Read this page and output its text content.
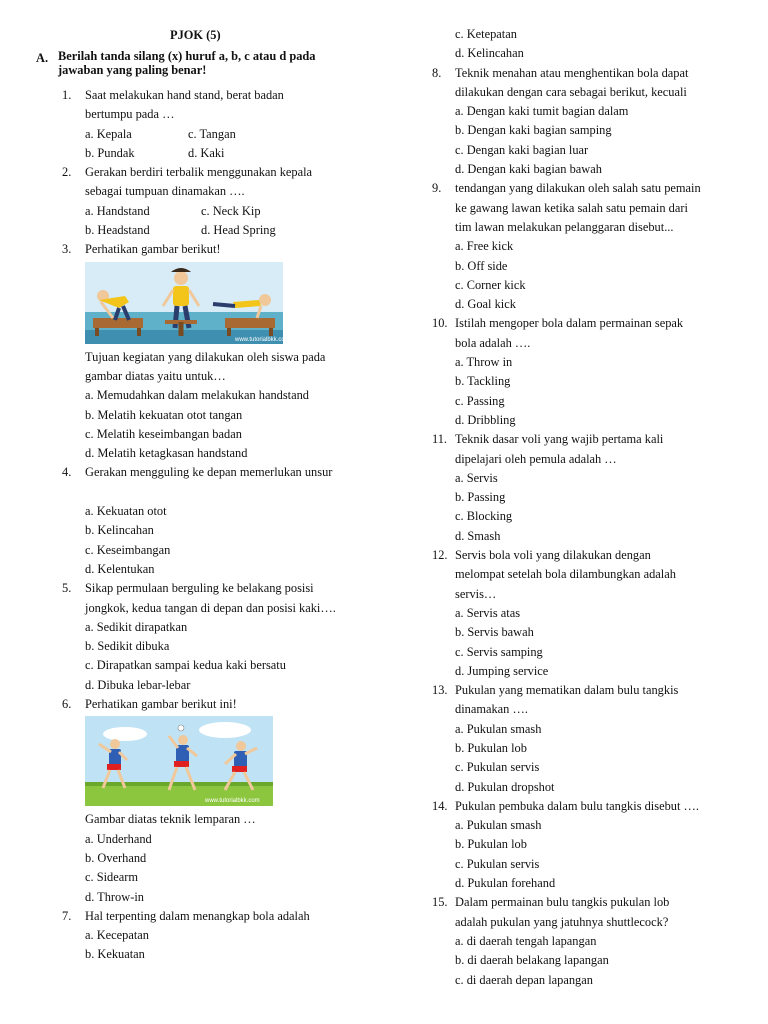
PJOK (5)
A. Berilah tanda silang (x) huruf a, b, c atau d pada
jawaban yang paling benar!
1. Saat melakukan hand stand, berat badan
bertumpu pada …
a. Kepala	c. Tangan
b. Pundak	d. Kaki
2. Gerakan berdiri terbalik menggunakan kepala
sebagai tumpuan dinamakan ….
a. Handstand	c. Neck Kip
b. Headstand	d. Head Spring
3. Perhatikan gambar berikut!
www.tutorialbkk.com
Tujuan kegiatan yang dilakukan oleh siswa pada
gambar diatas yaitu untuk…
a. Memudahkan dalam melakukan handstand
b. Melatih kekuatan otot tangan
c. Melatih keseimbangan badan
d. Melatih ketagkasan handstand
4. Gerakan mengguling ke depan memerlukan unsur
a. Kekuatan otot
b. Kelincahan
c. Keseimbangan
d. Kelentukan
5. Sikap permulaan berguling ke belakang posisi
jongkok, kedua tangan di depan dan posisi kaki….
a. Sedikit dirapatkan
b. Sedikit dibuka
c. Dirapatkan sampai kedua kaki bersatu
d. Dibuka lebar-lebar
6. Perhatikan gambar berikut ini!
www.tutorialbkk.com
Gambar diatas teknik lemparan …
a. Underhand
b. Overhand
c. Sidearm
d. Throw-in
7. Hal terpenting dalam menangkap bola adalah
a. Kecepatan
b. Kekuatan
c. Ketepatan
d. Kelincahan
8. Teknik menahan atau menghentikan bola dapat
dilakukan dengan cara sebagai berikut, kecuali
a. Dengan kaki tumit bagian dalam
b. Dengan kaki bagian samping
c. Dengan kaki bagian luar
d. Dengan kaki bagian bawah
9. tendangan yang dilakukan oleh salah satu pemain
ke gawang lawan ketika salah satu pemain dari
tim lawan melakukan pelanggaran disebut...
a. Free kick
b. Off side
c. Corner kick
d. Goal kick
10. Istilah mengoper bola dalam permainan sepak
bola adalah ….
a. Throw in
b. Tackling
c. Passing
d. Dribbling
11. Teknik dasar voli yang wajib pertama kali
dipelajari oleh pemula adalah …
a. Servis
b. Passing
c. Blocking
d. Smash
12. Servis bola voli yang dilakukan dengan
melompat setelah bola dilambungkan adalah
servis…
a. Servis atas
b. Servis bawah
c. Servis samping
d. Jumping service
13. Pukulan yang mematikan dalam bulu tangkis
dinamakan ….
a. Pukulan smash
b. Pukulan lob
c. Pukulan servis
d. Pukulan dropshot
14. Pukulan pembuka dalam bulu tangkis disebut ….
a. Pukulan smash
b. Pukulan lob
c. Pukulan servis
d. Pukulan forehand
15. Dalam permainan bulu tangkis pukulan lob
adalah pukulan yang jatuhnya shuttlecock?
a. di daerah tengah lapangan
b. di daerah belakang lapangan
c. di daerah depan lapangan
